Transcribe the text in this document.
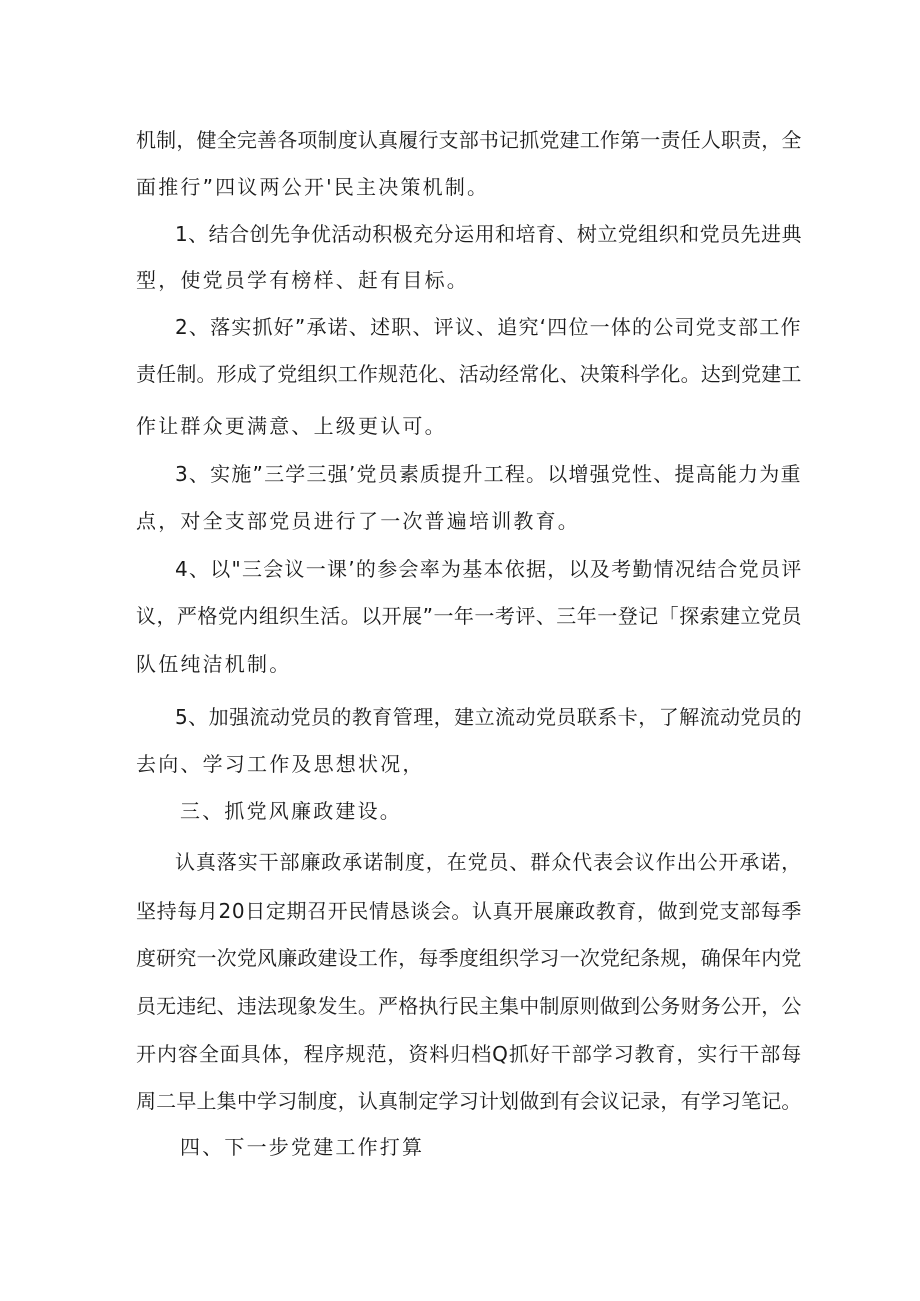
机制，健全完善各项制度认真履行支部书记抓党建工作第一责任人职责，全
面推行”四议两公开'民主决策机制。
1、结合创先争优活动积极充分运用和培育、树立党组织和党员先进典
型，使党员学有榜样、赶有目标。
2、落实抓好”承诺、述职、评议、追究‘四位一体的公司党支部工作
责任制。形成了党组织工作规范化、活动经常化、决策科学化。达到党建工
作让群众更满意、上级更认可。
3、实施”三学三强’党员素质提升工程。以增强党性、提高能力为重
点，对全支部党员进行了一次普遍培训教育。
4、以"三会议一课’的参会率为基本依据，以及考勤情况结合党员评
议，严格党内组织生活。以开展”一年一考评、三年一登记「探索建立党员
队伍纯洁机制。
5、加强流动党员的教育管理，建立流动党员联系卡，了解流动党员的
去向、学习工作及思想状况，
三、抓党风廉政建设。
认真落实干部廉政承诺制度，在党员、群众代表会议作出公开承诺，
坚持每月20日定期召开民情恳谈会。认真开展廉政教育，做到党支部每季
度研究一次党风廉政建设工作，每季度组织学习一次党纪条规，确保年内党
员无违纪、违法现象发生。严格执行民主集中制原则做到公务财务公开，公
开内容全面具体，程序规范，资料归档Q抓好干部学习教育，实行干部每
周二早上集中学习制度，认真制定学习计划做到有会议记录，有学习笔记。
四、下一步党建工作打算
